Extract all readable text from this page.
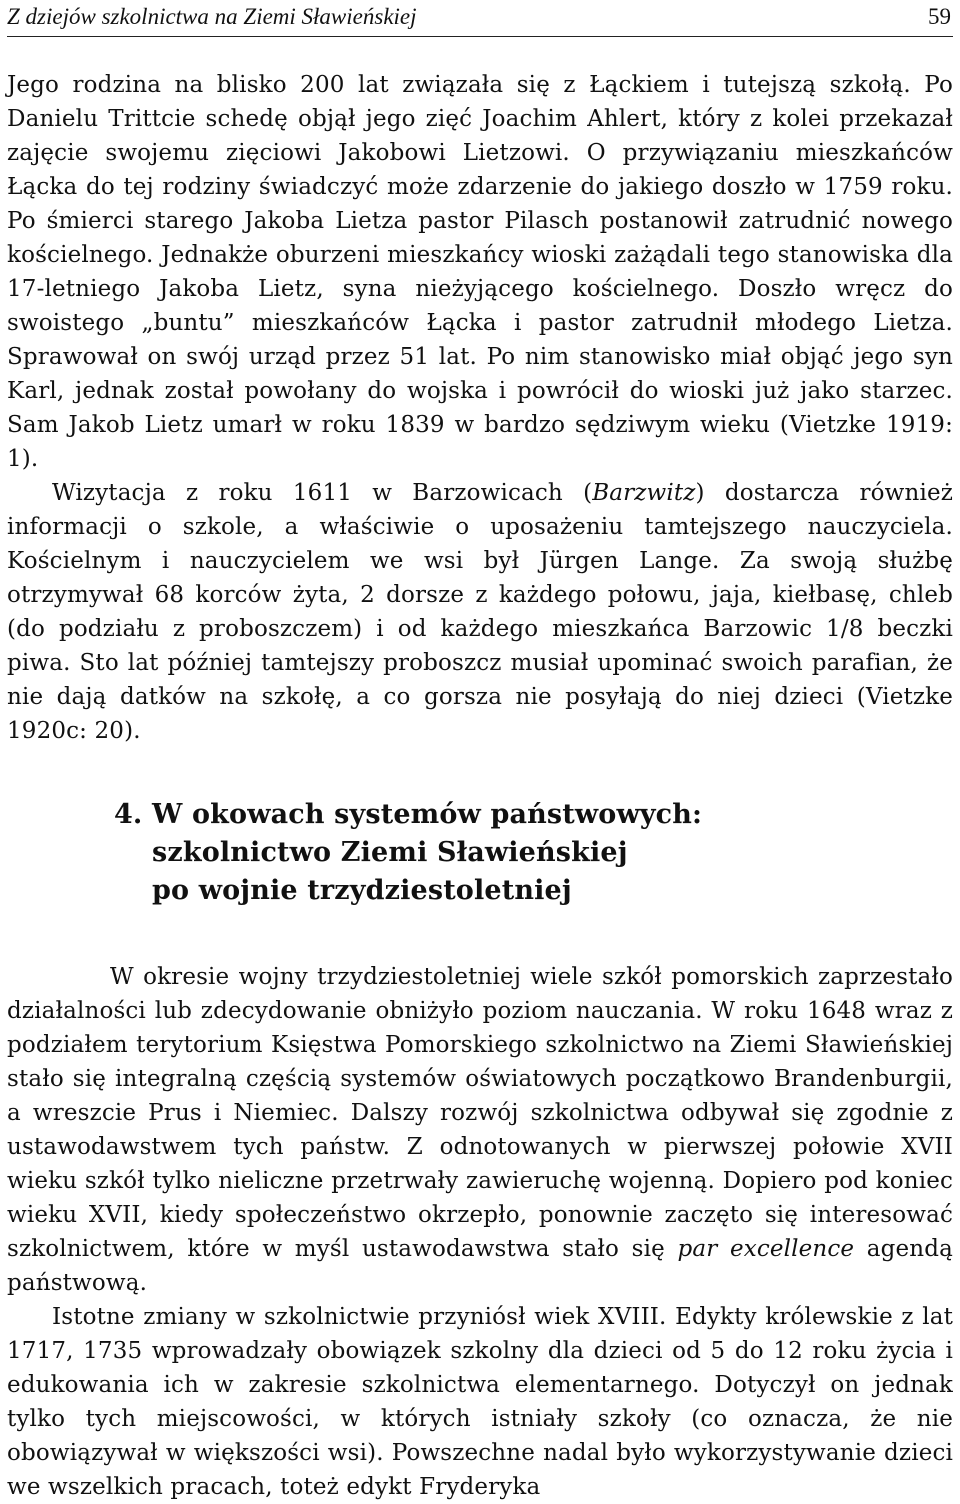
Z dziejów szkolnictwa na Ziemi Sławieńskiej	59

Jego rodzina na blisko 200 lat związała się z Łąckiem i tutejszą szkołą. Po Danielu Trittcie schedę objął jego zięć Joachim Ahlert, który z kolei przekazał zajęcie swojemu zięciowi Jakobowi Lietzowi. O przywiązaniu mieszkańców Łącka do tej rodziny świadczyć może zdarzenie do jakiego doszło w 1759 roku. Po śmierci starego Jakoba Lietza pastor Pilasch postanowił zatrudnić nowego kościelnego. Jednakże oburzeni mieszkańcy wioski zażądali tego stanowiska dla 17-letniego Jakoba Lietz, syna nieżyjącego kościelnego. Doszło wręcz do swoistego „buntu” mieszkańców Łącka i pastor zatrudnił młodego Lietza. Sprawował on swój urząd przez 51 lat. Po nim stanowisko miał objąć jego syn Karl, jednak został powołany do wojska i powrócił do wioski już jako starzec. Sam Jakob Lietz umarł w roku 1839 w bardzo sędziwym wieku (Vietzke 1919: 1).

Wizytacja z roku 1611 w Barzowicach (Barzwitz) dostarcza również informacji o szkole, a właściwie o uposażeniu tamtejszego nauczyciela. Kościelnym i nauczycielem we wsi był Jürgen Lange. Za swoją służbę otrzymywał 68 korców żyta, 2 dorsze z każdego połowu, jaja, kiełbasę, chleb (do podziału z proboszczem) i od każdego mieszkańca Barzowic 1/8 beczki piwa. Sto lat później tamtejszy proboszcz musiał upominać swoich parafian, że nie dają datków na szkołę, a co gorsza nie posyłają do niej dzieci (Vietzke 1920c: 20).

4. W okowach systemów państwowych:
szkolnictwo Ziemi Sławieńskiej
po wojnie trzydziestoletniej

W okresie wojny trzydziestoletniej wiele szkół pomorskich zaprzestało działalności lub zdecydowanie obniżyło poziom nauczania. W roku 1648 wraz z podziałem terytorium Księstwa Pomorskiego szkolnictwo na Ziemi Sławieńskiej stało się integralną częścią systemów oświatowych początkowo Brandenburgii, a wreszcie Prus i Niemiec. Dalszy rozwój szkolnictwa odbywał się zgodnie z ustawodawstwem tych państw. Z odnotowanych w pierwszej połowie XVII wieku szkół tylko nieliczne przetrwały zawieruchę wojenną. Dopiero pod koniec wieku XVII, kiedy społeczeństwo okrzepło, ponownie zaczęto się interesować szkolnictwem, które w myśl ustawodawstwa stało się par excellence agendą państwową.

Istotne zmiany w szkolnictwie przyniósł wiek XVIII. Edykty królewskie z lat 1717, 1735 wprowadzały obowiązek szkolny dla dzieci od 5 do 12 roku życia i edukowania ich w zakresie szkolnictwa elementarnego. Dotyczył on jednak tylko tych miejscowości, w których istniały szkoły (co oznacza, że nie obowiązywał w większości wsi). Powszechne nadal było wykorzystywanie dzieci we wszelkich pracach, toteż edykt Fryderyka
